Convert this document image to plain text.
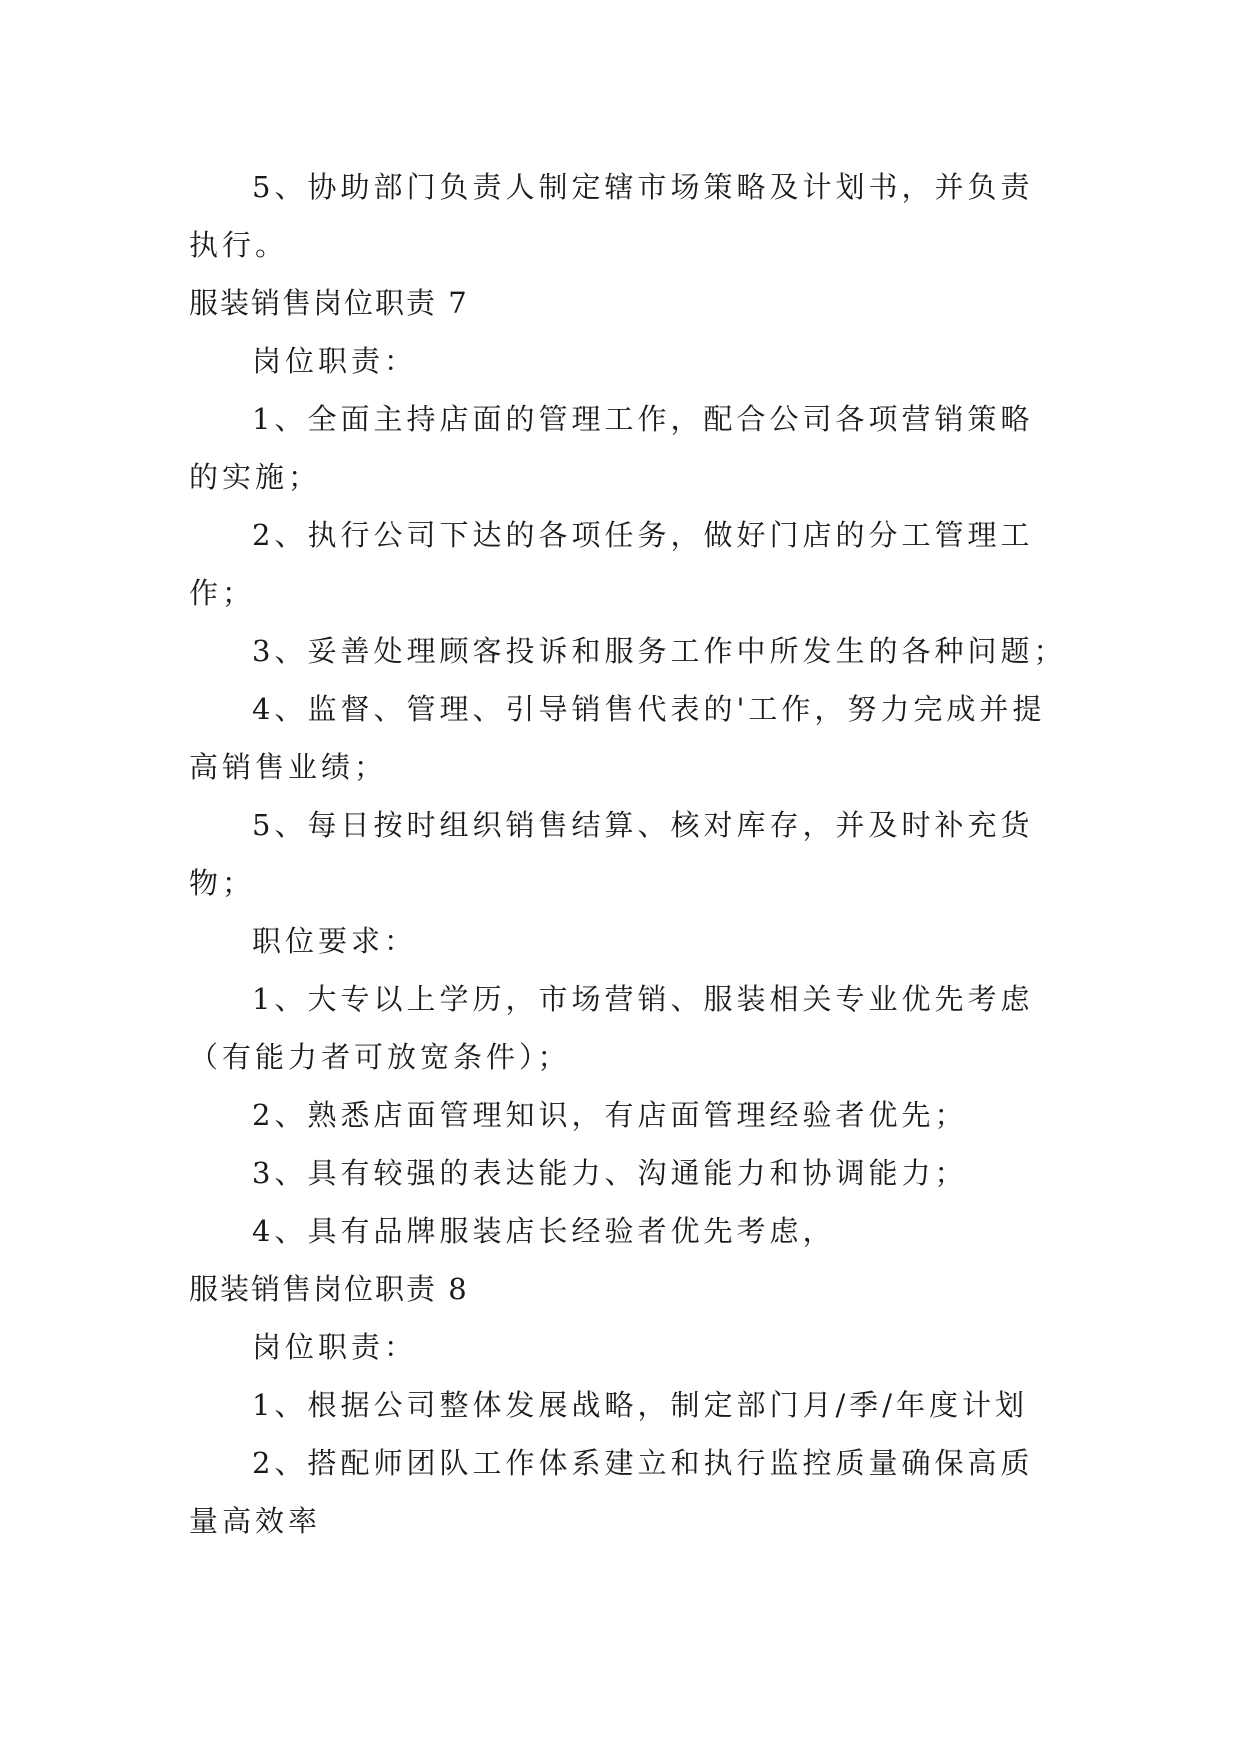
5、协助部门负责人制定辖市场策略及计划书，并负责
执行。
服装销售岗位职责 7
岗位职责：
1、全面主持店面的管理工作，配合公司各项营销策略
的实施；
2、执行公司下达的各项任务，做好门店的分工管理工
作；
3、妥善处理顾客投诉和服务工作中所发生的各种问题；
4、监督、管理、引导销售代表的'工作，努力完成并提
高销售业绩；
5、每日按时组织销售结算、核对库存，并及时补充货
物；
职位要求：
1、大专以上学历，市场营销、服装相关专业优先考虑
（有能力者可放宽条件）；
2、熟悉店面管理知识，有店面管理经验者优先；
3、具有较强的表达能力、沟通能力和协调能力；
4、具有品牌服装店长经验者优先考虑，
服装销售岗位职责 8
岗位职责：
1、根据公司整体发展战略，制定部门月/季/年度计划
2、搭配师团队工作体系建立和执行监控质量确保高质
量高效率
